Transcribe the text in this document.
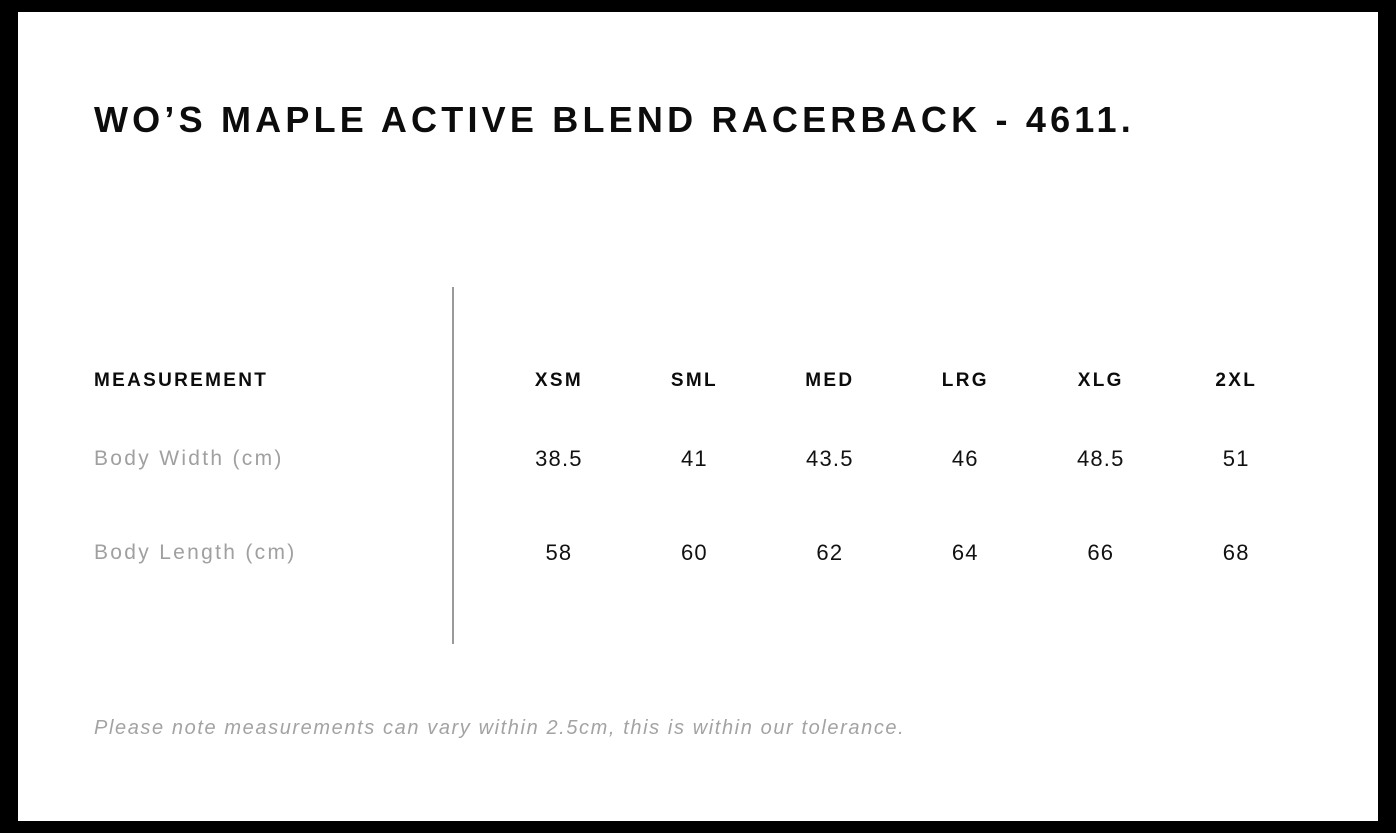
WO’S MAPLE ACTIVE BLEND RACERBACK - 4611.
MEASUREMENT	XSM	SML	MED	LRG	XLG	2XL
Body Width (cm)	38.5	41	43.5	46	48.5	51
Body Length (cm)	58	60	62	64	66	68
Please note measurements can vary within 2.5cm, this is within our tolerance.
